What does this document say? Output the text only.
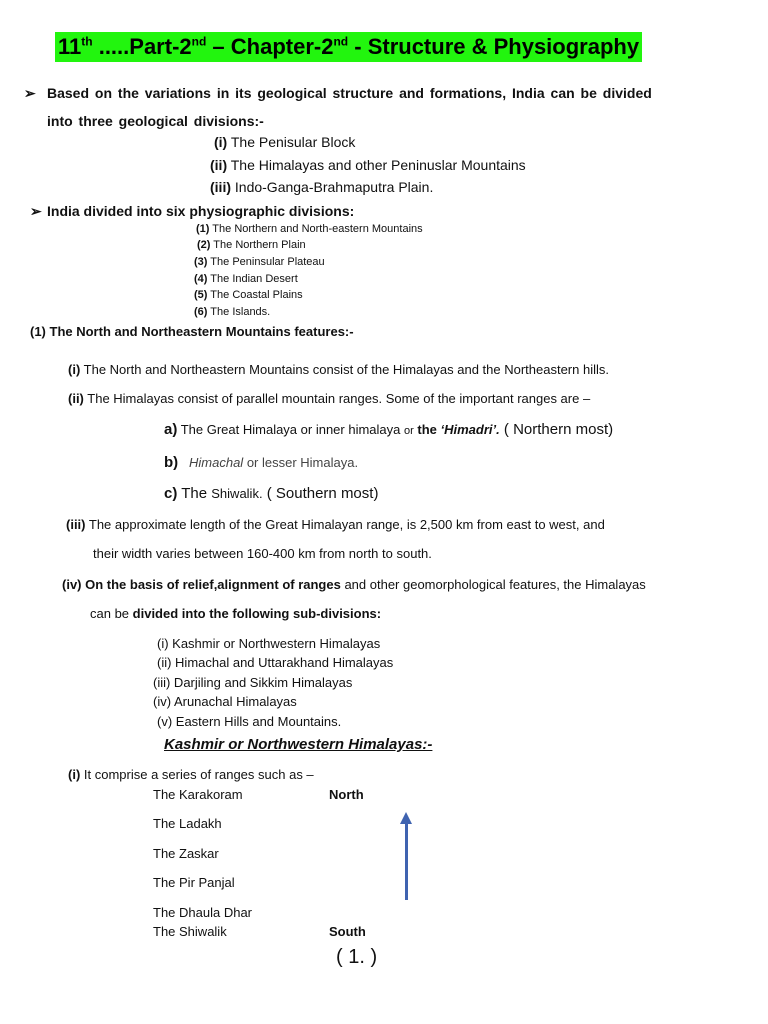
11th .....Part-2nd – Chapter-2nd - Structure & Physiography
➢ Based on the variations in its geological structure and formations, India can be divided
into three geological divisions:-
(i) The Penisular Block
(ii) The Himalayas and other Peninuslar Mountains
(iii) Indo-Ganga-Brahmaputra Plain.
➢ India divided into six physiographic divisions:
(1) The Northern and North-eastern Mountains
(2) The Northern Plain
(3) The Peninsular Plateau
(4) The Indian Desert
(5) The Coastal Plains
(6) The Islands.
(1) The North and Northeastern Mountains features:-
(i) The North and Northeastern Mountains consist of the Himalayas and the Northeastern hills.
(ii) The Himalayas consist of parallel mountain ranges. Some of the important ranges are –
a) The Great Himalaya or inner himalaya or the ‘Himadri’. ( Northern most)
b) Himachal or lesser Himalaya.
c) The Shiwalik. ( Southern most)
(iii) The approximate length of the Great Himalayan range, is 2,500 km from east to west, and
their width varies between 160-400 km from north to south.
(iv) On the basis of relief,alignment of ranges and other geomorphological features, the Himalayas
can be divided into the following sub-divisions:
(i) Kashmir or Northwestern Himalayas
(ii) Himachal and Uttarakhand Himalayas
(iii) Darjiling and Sikkim Himalayas
(iv) Arunachal Himalayas
(v) Eastern Hills and Mountains.
Kashmir or Northwestern Himalayas:-
(i) It comprise a series of ranges such as –
The Karakoram
The Ladakh
The Zaskar
The Pir Panjal
The Dhaula Dhar
The Shiwalik
North
South
( 1. )
